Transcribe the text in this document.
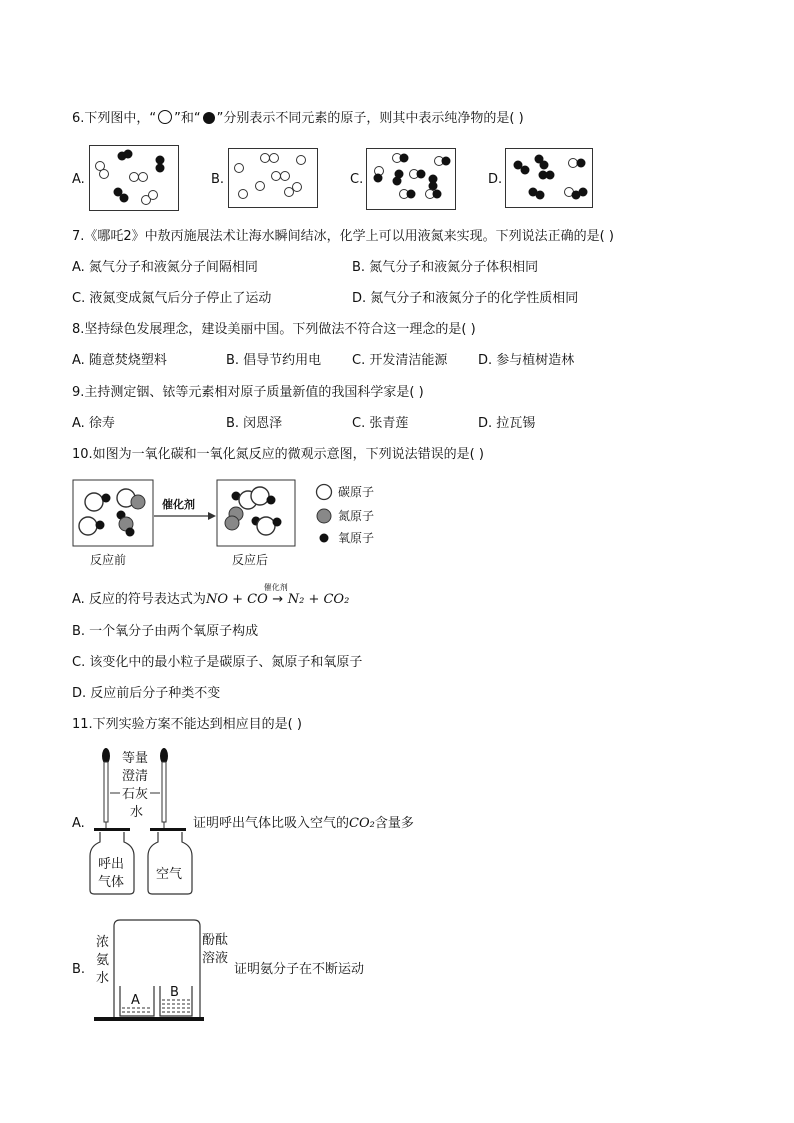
6.下列图中，“ ”和“ ”分别表示不同元素的原子，则其中表示纯净物的是( )
A.	B.	C.	D.
7.《哪吒2》中敖丙施展法术让海水瞬间结冰，化学上可以用液氮来实现。下列说法正确的是( )
A. 氮气分子和液氮分子间隔相同	B. 氮气分子和液氮分子体积相同
C. 液氮变成氮气后分子停止了运动	D. 氮气分子和液氮分子的化学性质相同
8.坚持绿色发展理念，建设美丽中国。下列做法不符合这一理念的是( )
A. 随意焚烧塑料	B. 倡导节约用电 C. 开发清洁能源 D. 参与植树造林
9.主持测定铟、铱等元素相对原子质量新值的我国科学家是( )
A. 徐寿	B. 闵恩泽	C. 张青莲	D. 拉瓦锡
10.如图为一氧化碳和一氧化氮反应的微观示意图，下列说法错误的是( )
反应前
催化剂
反应后
碳原子
氮原子
氧原子
A. 反应的符号表达式为NO + CO
催化剂
→ N₂ + CO₂
B. 一个氧分子由两个氧原子构成
C. 该变化中的最小粒子是碳原子、氮原子和氧原子
D. 反应前后分子种类不变
11.下列实验方案不能达到相应目的是( )
A.
呼出
气体
空气
等量
澄清
石灰
水
证明呼出气体比吸入空气的CO₂含量多
B.
A
B
浓
氨
水
酚酞
溶液
证明氨分子在不断运动
